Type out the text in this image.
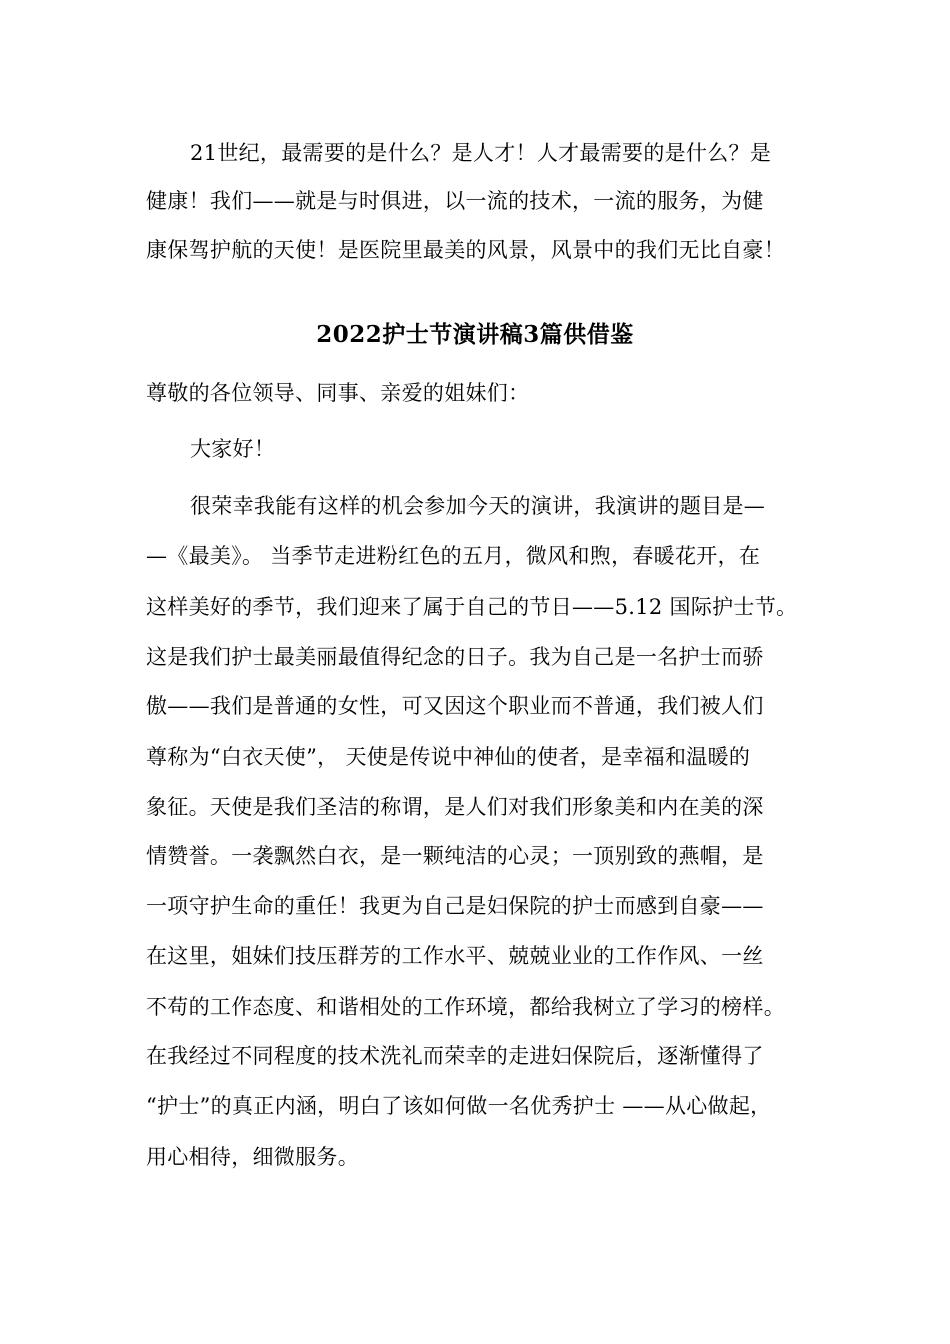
21世纪，最需要的是什么？是人才！人才最需要的是什么？是
健康！我们——就是与时俱进，以一流的技术，一流的服务，为健
康保驾护航的天使！是医院里最美的风景，风景中的我们无比自豪！
2022护士节演讲稿3篇供借鉴
尊敬的各位领导、同事、亲爱的姐妹们：
大家好！
很荣幸我能有这样的机会参加今天的演讲，我演讲的题目是—
—《最美》。 当季节走进粉红色的五月，微风和煦，春暖花开，在
这样美好的季节，我们迎来了属于自己的节日——5.12 国际护士节。
这是我们护士最美丽最值得纪念的日子。我为自己是一名护士而骄
傲——我们是普通的女性，可又因这个职业而不普通，我们被人们
尊称为“白衣天使”， 天使是传说中神仙的使者，是幸福和温暖的
象征。天使是我们圣洁的称谓，是人们对我们形象美和内在美的深
情赞誉。一袭飘然白衣，是一颗纯洁的心灵；一顶别致的燕帽，是
一项守护生命的重任！我更为自己是妇保院的护士而感到自豪——
在这里，姐妹们技压群芳的工作水平、兢兢业业的工作作风、一丝
不苟的工作态度、和谐相处的工作环境，都给我树立了学习的榜样。
在我经过不同程度的技术洗礼而荣幸的走进妇保院后，逐渐懂得了
“护士”的真正内涵，明白了该如何做一名优秀护士 ——从心做起，
用心相待，细微服务。
